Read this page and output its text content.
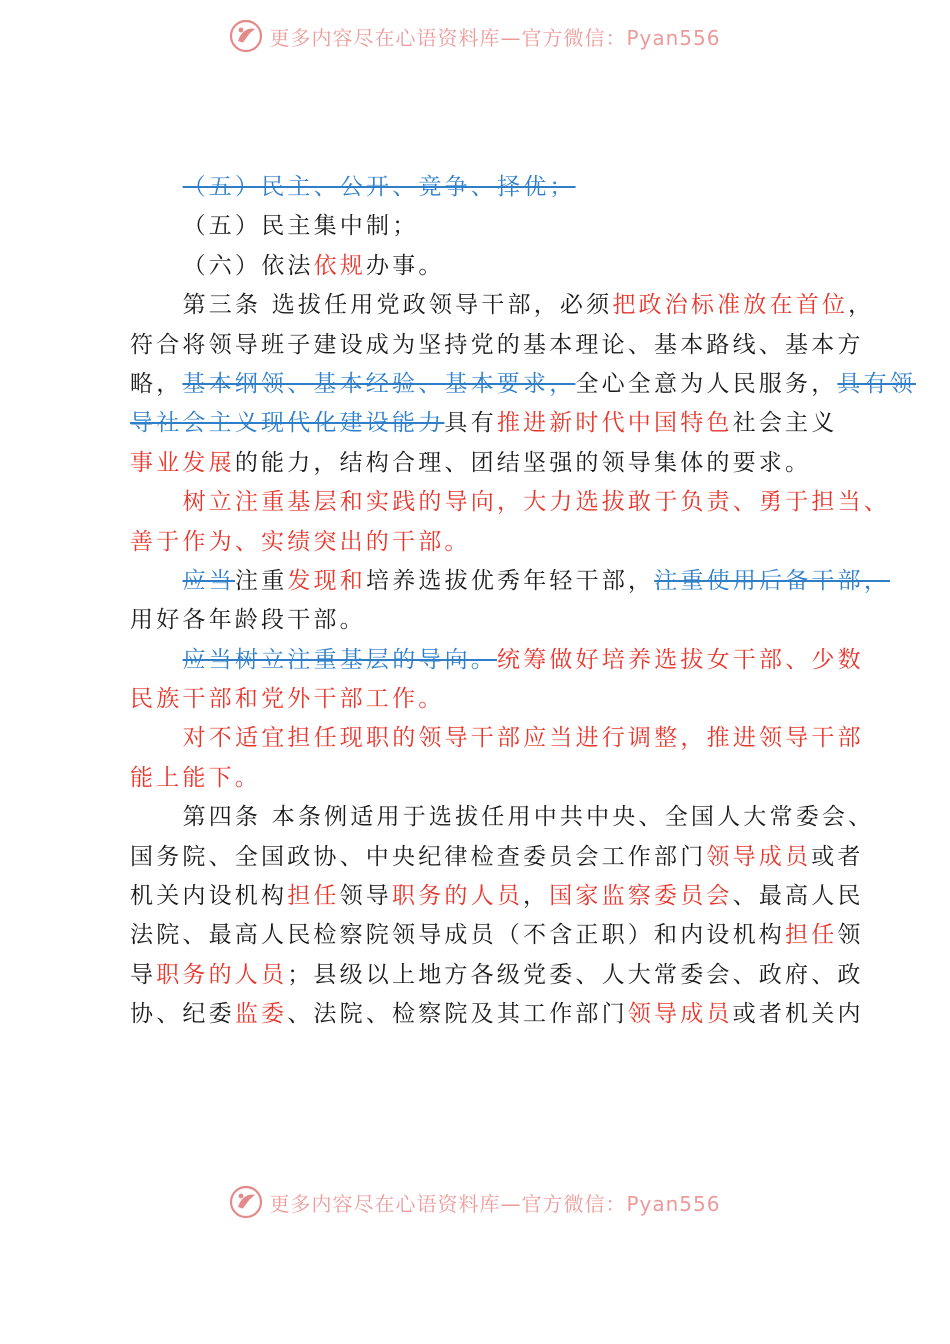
更多内容尽在心语资料库—官方微信：Pyan556
（五）民主、公开、竞争、择优；
（五）民主集中制；
（六）依法依规办事。
第三条 选拔任用党政领导干部，必须把政治标准放在首位，
符合将领导班子建设成为坚持党的基本理论、基本路线、基本方
略，基本纲领、基本经验、基本要求，全心全意为人民服务，具有领
导社会主义现代化建设能力具有推进新时代中国特色社会主义
事业发展的能力，结构合理、团结坚强的领导集体的要求。
树立注重基层和实践的导向，大力选拔敢于负责、勇于担当、
善于作为、实绩突出的干部。
应当注重发现和培养选拔优秀年轻干部，注重使用后备干部，
用好各年龄段干部。
应当树立注重基层的导向。统筹做好培养选拔女干部、少数
民族干部和党外干部工作。
对不适宜担任现职的领导干部应当进行调整，推进领导干部
能上能下。
第四条 本条例适用于选拔任用中共中央、全国人大常委会、
国务院、全国政协、中央纪律检查委员会工作部门领导成员或者
机关内设机构担任领导职务的人员，国家监察委员会、最高人民
法院、最高人民检察院领导成员（不含正职）和内设机构担任领
导职务的人员；县级以上地方各级党委、人大常委会、政府、政
协、纪委监委、法院、检察院及其工作部门领导成员或者机关内
更多内容尽在心语资料库—官方微信：Pyan556
